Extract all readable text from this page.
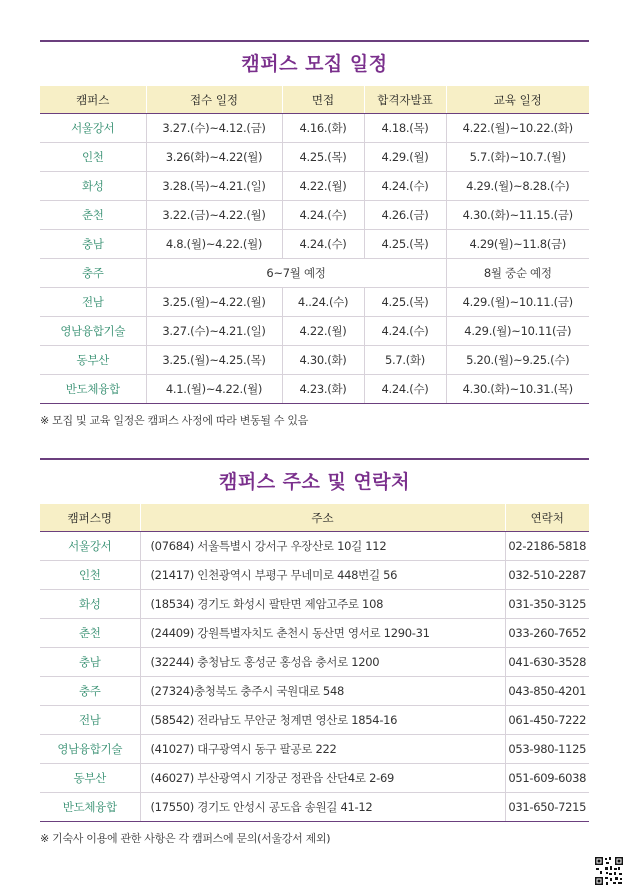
캠퍼스 모집 일정
캠퍼스	접수 일정	면접	합격자발표	교육 일정
서울강서	3.27.(수)~4.12.(금)	4.16.(화)	4.18.(목)	4.22.(월)~10.22.(화)
인천	3.26(화)~4.22(월)	4.25.(목)	4.29.(월)	5.7.(화)~10.7.(월)
화성	3.28.(목)~4.21.(일)	4.22.(월)	4.24.(수)	4.29.(월)~8.28.(수)
춘천	3.22.(금)~4.22.(월)	4.24.(수)	4.26.(금)	4.30.(화)~11.15.(금)
충남	4.8.(월)~4.22.(월)	4.24.(수)	4.25.(목)	4.29(월)~11.8(금)
충주	6~7월 예정			8월 중순 예정
전남	3.25.(월)~4.22.(월)	4..24.(수)	4.25.(목)	4.29.(월)~10.11.(금)
영남융합기술	3.27.(수)~4.21.(일)	4.22.(월)	4.24.(수)	4.29.(월)~10.11(금)
동부산	3.25.(월)~4.25.(목)	4.30.(화)	5.7.(화)	5.20.(월)~9.25.(수)
반도체융합	4.1.(월)~4.22.(월)	4.23.(화)	4.24.(수)	4.30.(화)~10.31.(목)
※ 모집 및 교육 일정은 캠퍼스 사정에 따라 변동될 수 있음
캠퍼스 주소 및 연락처
캠퍼스명	주소	연락처
서울강서	(07684) 서울특별시 강서구 우장산로 10길 112	02-2186-5818
인천	(21417) 인천광역시 부평구 무네미로 448번길 56	032-510-2287
화성	(18534) 경기도 화성시 팔탄면 제암고주로 108	031-350-3125
춘천	(24409) 강원특별자치도 춘천시 동산면 영서로 1290-31	033-260-7652
충남	(32244) 충청남도 홍성군 홍성읍 충서로 1200	041-630-3528
충주	(27324)충청북도 충주시 국원대로 548	043-850-4201
전남	(58542) 전라남도 무안군 청계면 영산로 1854-16	061-450-7222
영남융합기술	(41027) 대구광역시 동구 팔공로 222	053-980-1125
동부산	(46027) 부산광역시 기장군 정관읍 산단4로 2-69	051-609-6038
반도체융합	(17550) 경기도 안성시 공도읍 송원길 41-12	031-650-7215
※ 기숙사 이용에 관한 사항은 각 캠퍼스에 문의(서울강서 제외)
